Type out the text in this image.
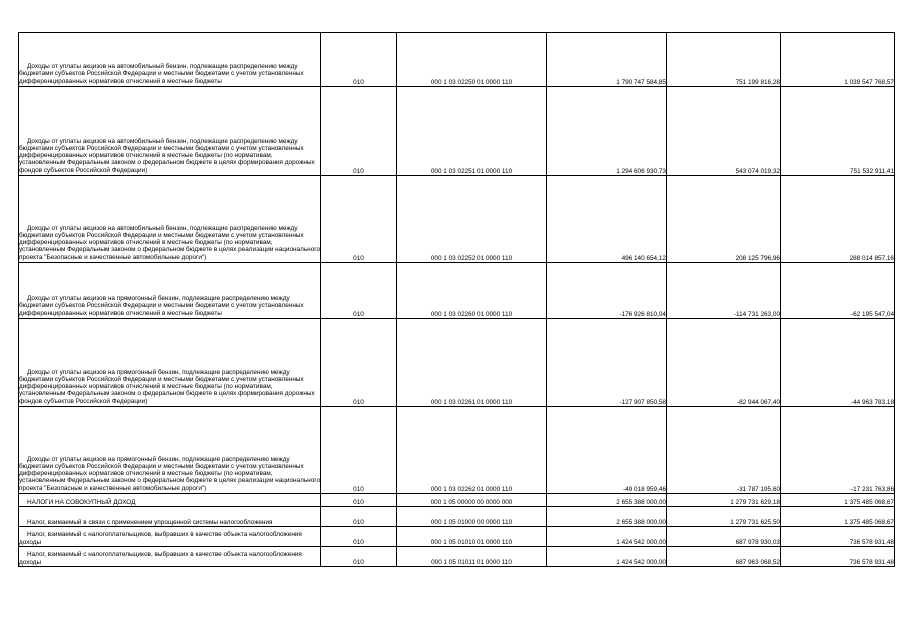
Доходы от уплаты акцизов на автомобильный бензин, подлежащие распределению между бюджетами субъектов Российской Федерации и местными бюджетами с учетом установленных дифференцированных нормативов отчислений в местные бюджеты	010	000 1 03 02250 01 0000 110	1 790 747 584,85	751 199 816,28	1 039 547 768,57

Доходы от уплаты акцизов на автомобильный бензин, подлежащие распределению между бюджетами субъектов Российской Федерации и местными бюджетами с учетом установленных дифференцированных нормативов отчислений в местные бюджеты (по нормативам, установленным Федеральным законом о федеральном бюджете в целях формирования дорожных фондов субъектов Российской Федерации)	010	000 1 03 02251 01 0000 110	1 294 606 930,73	543 074 019,32	751 532 911,41

Доходы от уплаты акцизов на автомобильный бензин, подлежащие распределению между бюджетами субъектов Российской Федерации и местными бюджетами с учетом установленных дифференцированных нормативов отчислений в местные бюджеты (по нормативам, установленным Федеральным законом о федеральном бюджете в целях реализации национального проекта "Безопасные и качественные автомобильные дороги")	010	000 1 03 02252 01 0000 110	496 140 654,12	208 125 796,96	288 014 857,16

Доходы от уплаты акцизов на прямогонный бензин, подлежащие распределению между бюджетами субъектов Российской Федерации и местными бюджетами с учетом установленных дифференцированных нормативов отчислений в местные бюджеты	010	000 1 03 02260 01 0000 110	-176 926 810,04	-114 731 263,00	-62 195 547,04

Доходы от уплаты акцизов на прямогонный бензин, подлежащие распределению между бюджетами субъектов Российской Федерации и местными бюджетами с учетом установленных дифференцированных нормативов отчислений в местные бюджеты (по нормативам, установленным Федеральным законом о федеральном бюджете в целях формирования дорожных фондов субъектов Российской Федерации)	010	000 1 03 02261 01 0000 110	-127 907 850,58	-82 944 067,40	-44 963 783,18

Доходы от уплаты акцизов на прямогонный бензин, подлежащие распределению между бюджетами субъектов Российской Федерации и местными бюджетами с учетом установленных дифференцированных нормативов отчислений в местные бюджеты (по нормативам, установленным Федеральным законом о федеральном бюджете в целях реализации национального проекта "Безопасные и качественные автомобильные дороги")	010	000 1 03 02262 01 0000 110	-49 018 959,46	-31 787 195,60	-17 231 763,86

НАЛОГИ НА СОВОКУПНЫЙ ДОХОД	010	000 1 05 00000 00 0000 000	2 655 388 000,00	1 279 731 629,18	1 375 485 068,67

Налог, взимаемый в связи с применением упрощенной системы налогообложения	010	000 1 05 01000 00 0000 110	2 655 388 000,00	1 279 731 625,50	1 375 485 068,67

Налог, взимаемый с налогоплательщиков, выбравших в качестве объекта налогообложения доходы	010	000 1 05 01010 01 0000 110	1 424 542 000,00	687 978 930,03	736 578 931,48

Налог, взимаемый с налогоплательщиков, выбравших в качестве объекта налогообложения доходы	010	000 1 05 01011 01 0000 110	1 424 542 000,00	687 963 068,52	736 578 931,48
